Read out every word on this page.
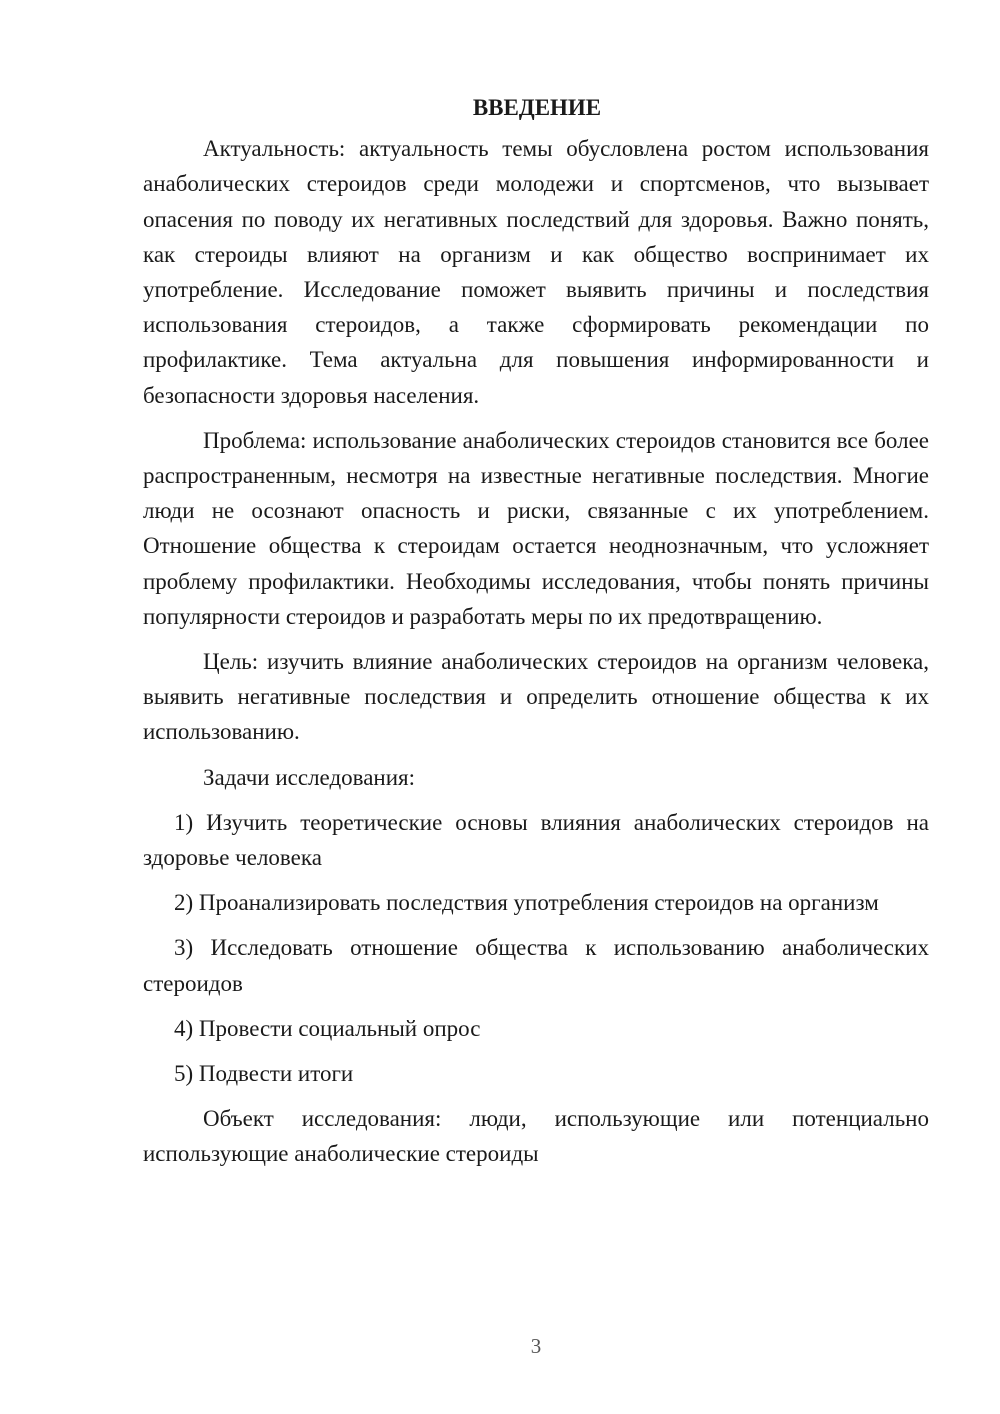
ВВЕДЕНИЕ

Актуальность: актуальность темы обусловлена ростом использования анаболических стероидов среди молодежи и спортсменов, что вызывает опасения по поводу их негативных последствий для здоровья. Важно понять, как стероиды влияют на организм и как общество воспринимает их употребление. Исследование поможет выявить причины и последствия использования стероидов, а также сформировать рекомендации по профилактике. Тема актуальна для повышения информированности и безопасности здоровья населения.

Проблема: использование анаболических стероидов становится все более распространенным, несмотря на известные негативные последствия. Многие люди не осознают опасность и риски, связанные с их употреблением. Отношение общества к стероидам остается неоднозначным, что усложняет проблему профилактики. Необходимы исследования, чтобы понять причины популярности стероидов и разработать меры по их предотвращению.

Цель: изучить влияние анаболических стероидов на организм человека, выявить негативные последствия и определить отношение общества к их использованию.

Задачи исследования:

1) Изучить теоретические основы влияния анаболических стероидов на здоровье человека

2) Проанализировать последствия употребления стероидов на организм

3) Исследовать отношение общества к использованию анаболических стероидов

4) Провести социальный опрос

5) Подвести итоги

Объект исследования: люди, использующие или потенциально использующие анаболические стероиды

3
